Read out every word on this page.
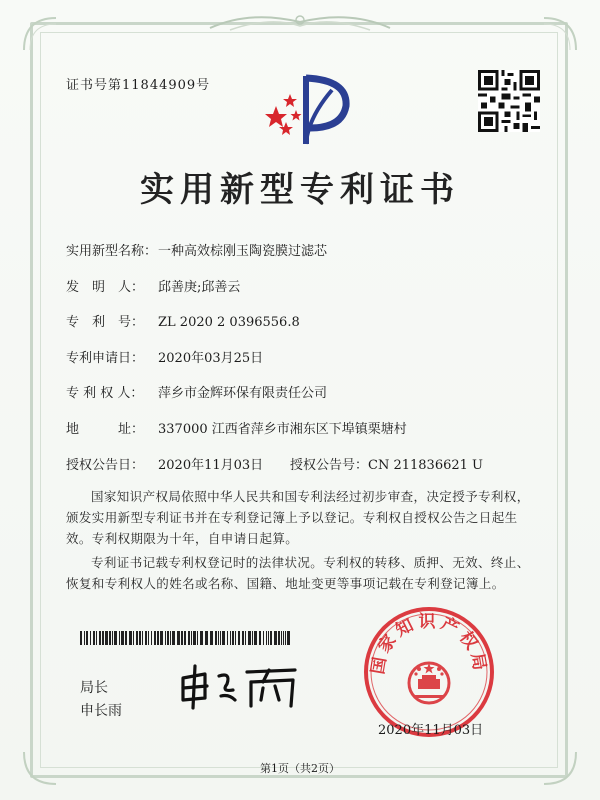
证书号第11844909号
实用新型专利证书
实用新型名称：一种高效棕刚玉陶瓷膜过滤芯
发　明　人： 邱善庚;邱善云
专　利　号： ZL 2020 2 0396556.8
专利申请日： 2020年03月25日
专 利 权 人： 萍乡市金辉环保有限责任公司
地　　　址： 337000 江西省萍乡市湘东区下埠镇栗塘村
授权公告日： 2020年11月03日 授权公告号：CN 211836621 U
国家知识产权局依照中华人民共和国专利法经过初步审查，决定授予专利权，颁发实用新型专利证书并在专利登记簿上予以登记。专利权自授权公告之日起生效。专利权期限为十年，自申请日起算。
专利证书记载专利权登记时的法律状况。专利权的转移、质押、无效、终止、恢复和专利权人的姓名或名称、国籍、地址变更等事项记载在专利登记簿上。
局长
申长雨
国家知识产权局
2020年11月03日
第1页（共2页）
